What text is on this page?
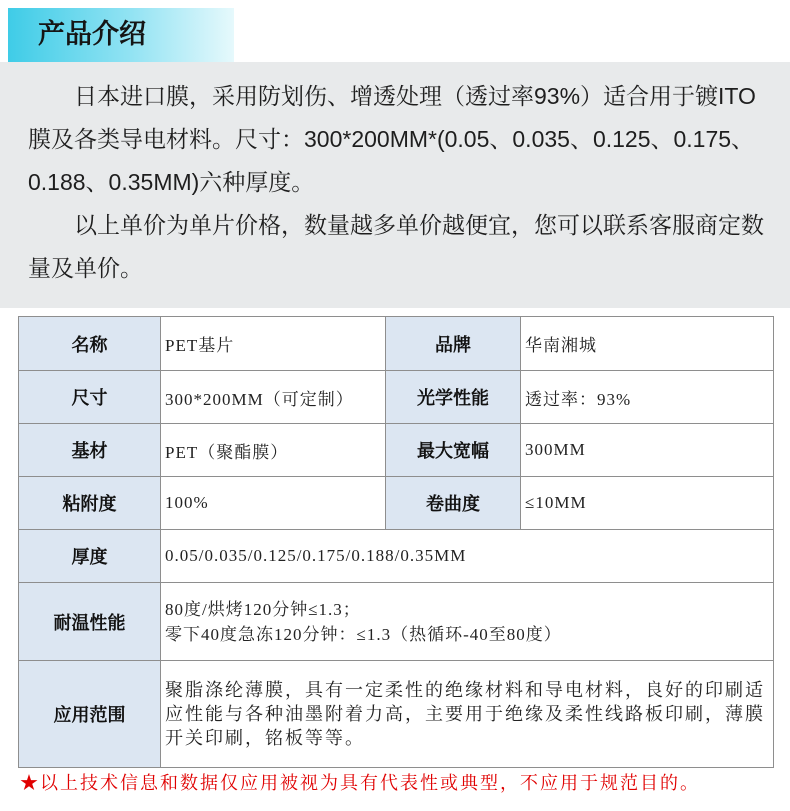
产品介绍

日本进口膜，采用防划伤、增透处理（透过率93%）适合用于镀ITO膜及各类导电材料。尺寸：300*200MM*(0.05、0.035、0.125、0.175、0.188、0.35MM)六种厚度。

以上单价为单片价格，数量越多单价越便宜，您可以联系客服商定数量及单价。

名称	PET基片	品牌	华南湘城
尺寸	300*200MM（可定制）	光学性能	透过率：93%
基材	PET（聚酯膜）	最大宽幅	300MM
粘附度	100%	卷曲度	≤10MM
厚度	0.05/0.035/0.125/0.175/0.188/0.35MM		
耐温性能	80度/烘烤120分钟≤1.3；
零下40度急冻120分钟：≤1.3（热循环-40至80度）		

应用范围	聚脂涤纶薄膜，具有一定柔性的绝缘材料和导电材料，良好的印刷适应性能与各种油墨附着力高，主要用于绝缘及柔性线路板印刷，薄膜开关印刷，铭板等等。		
★以上技术信息和数据仅应用被视为具有代表性或典型，不应用于规范目的。
